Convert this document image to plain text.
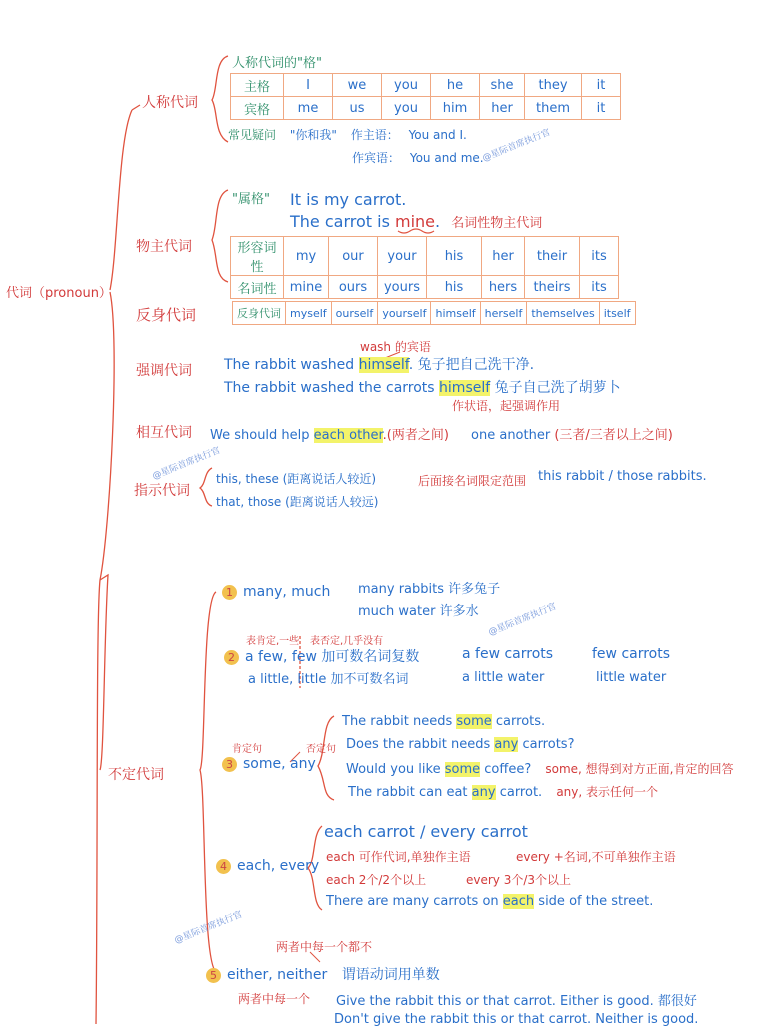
代词（pronoun）
人称代词
人称代词的"格"
主格	I	we	you	he	she	they	it
宾格	me	us	you	him	her	them	it
常见疑问 "你和我" 作主语： You and I.
作宾语： You and me.
@星际首席执行官
物主代词
"属格" It is my carrot.
The carrot is mine. 名词性物主代词
形容词性	my	our	your	his	her	their	its
名词性	mine	ours	yours	his	hers	theirs	its
反身代词	反身代词	myself	ourself	yourself	himself	herself	themselves	itself
强调代词
wash 的宾语
The rabbit washed himself. 兔子把自己洗干净.
The rabbit washed the carrots himself 兔子自己洗了胡萝卜
作状语，起强调作用
相互代词 We should help each other.(两者之间) one another (三者/三者以上之间)
@星际首席执行官
指示代词
this, these (距离说话人较近)
that, those (距离说话人较远)
后面接名词限定范围 this rabbit / those rabbits.
不定代词
1 many, much many rabbits 许多兔子
much water 许多水 @星际首席执行官
表肯定,一些 表否定,几乎没有
2 a few, few 加可数名词复数
a little, little 加不可数名词
a few carrots	few carrots
a little water	little water
肯定句	否定句
3 some, any
The rabbit needs some carrots.
Does the rabbit needs any carrots?
Would you like some coffee? some, 想得到对方正面,肯定的回答
The rabbit can eat any carrot. any, 表示任何一个
4 each, every
each carrot / every carrot
each 可作代词,单独作主语	every +名词,不可单独作主语
each 2个/2个以上	every 3个/3个以上
There are many carrots on each side of the street.
@星际首席执行官
两者中每一个都不
5 either, neither 谓语动词用单数
两者中每一个 Give the rabbit this or that carrot. Either is good. 都很好
Don't give the rabbit this or that carrot. Neither is good.
